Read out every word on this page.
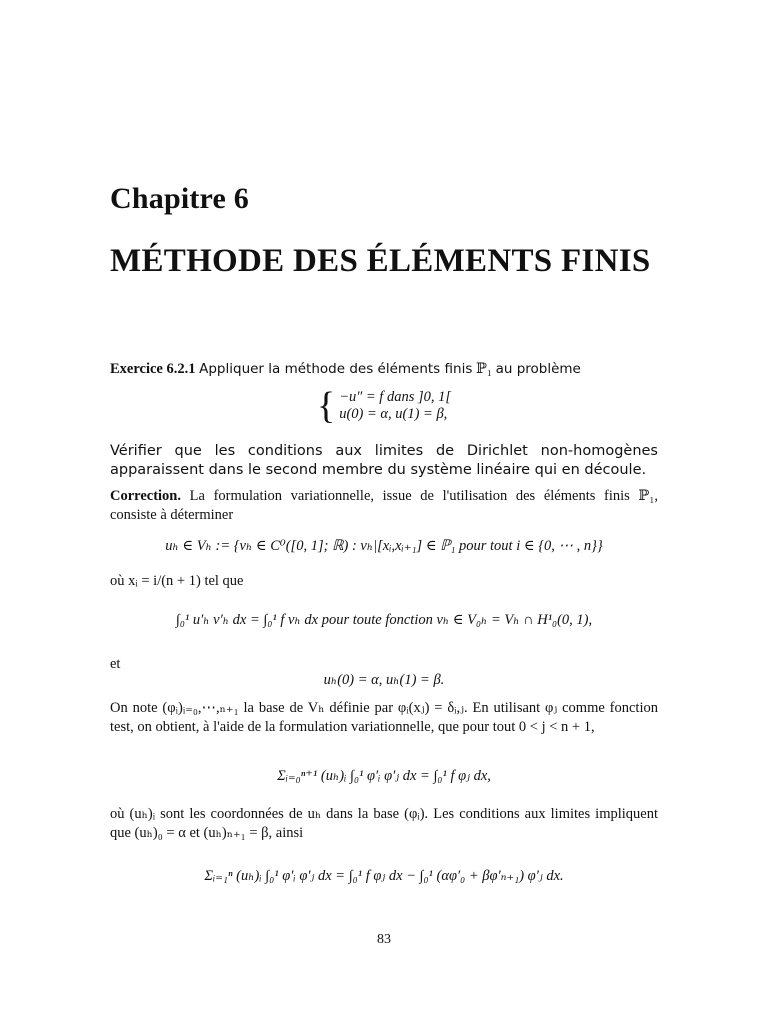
Chapitre 6
MÉTHODE DES ÉLÉMENTS FINIS
Exercice 6.2.1 Appliquer la méthode des éléments finis ℙ₁ au problème
{ −u″ = f dans ]0, 1[
u(0) = α, u(1) = β,
Vérifier que les conditions aux limites de Dirichlet non-homogènes apparaissent dans le second membre du système linéaire qui en découle.
Correction. La formulation variationnelle, issue de l'utilisation des éléments finis ℙ₁, consiste à déterminer
uₕ ∈ Vₕ := {vₕ ∈ C⁰([0, 1]; ℝ) : vₕ|[xᵢ,xᵢ₊₁] ∈ ℙ₁ pour tout i ∈ {0, ⋯ , n}}
où xᵢ = i/(n + 1) tel que
∫₀¹ u′ₕ v′ₕ dx = ∫₀¹ f vₕ dx pour toute fonction vₕ ∈ V₀ₕ = Vₕ ∩ H¹₀(0, 1),
et
uₕ(0) = α, uₕ(1) = β.
On note (φᵢ)ᵢ₌₀,⋯,ₙ₊₁ la base de Vₕ définie par φᵢ(xⱼ) = δᵢ,ⱼ. En utilisant φⱼ comme fonction test, on obtient, à l'aide de la formulation variationnelle, que pour tout 0 < j < n + 1,
Σᵢ₌₀ⁿ⁺¹ (uₕ)ᵢ ∫₀¹ φ′ᵢ φ′ⱼ dx = ∫₀¹ f φⱼ dx,
où (uₕ)ᵢ sont les coordonnées de uₕ dans la base (φᵢ). Les conditions aux limites impliquent que (uₕ)₀ = α et (uₕ)ₙ₊₁ = β, ainsi
Σᵢ₌₁ⁿ (uₕ)ᵢ ∫₀¹ φ′ᵢ φ′ⱼ dx = ∫₀¹ f φⱼ dx − ∫₀¹ (αφ′₀ + βφ′ₙ₊₁) φ′ⱼ dx.
83
